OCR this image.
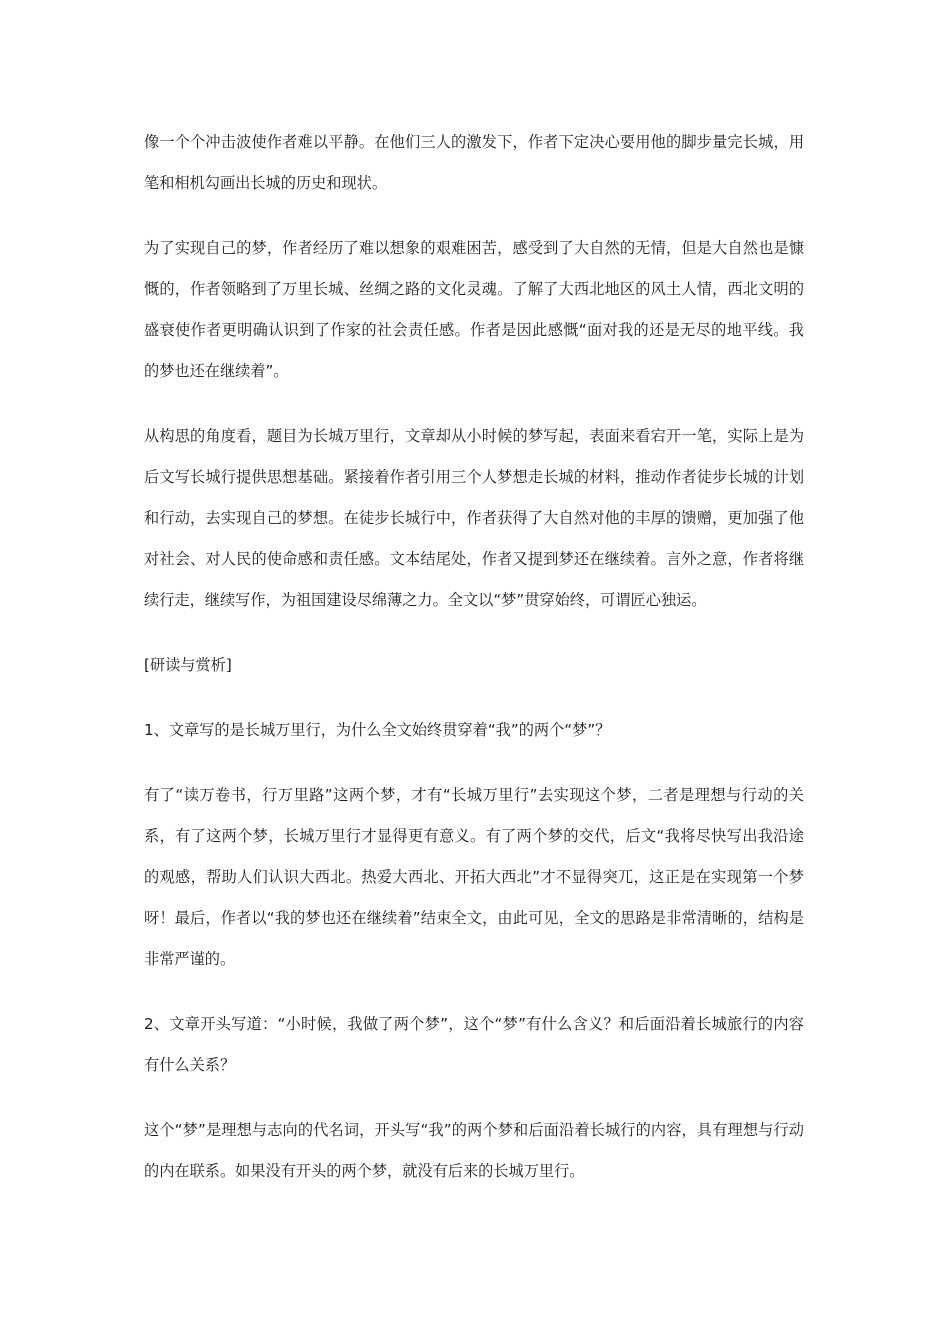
像一个个冲击波使作者难以平静。在他们三人的激发下，作者下定决心要用他的脚步量完长城，用笔和相机勾画出长城的历史和现状。

为了实现自己的梦，作者经历了难以想象的艰难困苦，感受到了大自然的无情，但是大自然也是慷慨的，作者领略到了万里长城、丝绸之路的文化灵魂。了解了大西北地区的风土人情，西北文明的盛衰使作者更明确认识到了作家的社会责任感。作者是因此感慨“面对我的还是无尽的地平线。我的梦也还在继续着”。

从构思的角度看，题目为长城万里行，文章却从小时候的梦写起，表面来看宕开一笔，实际上是为后文写长城行提供思想基础。紧接着作者引用三个人梦想走长城的材料，推动作者徒步长城的计划和行动，去实现自己的梦想。在徒步长城行中，作者获得了大自然对他的丰厚的馈赠，更加强了他对社会、对人民的使命感和责任感。文本结尾处，作者又提到梦还在继续着。言外之意，作者将继续行走，继续写作，为祖国建设尽绵薄之力。全文以“梦”贯穿始终，可谓匠心独运。

[研读与赏析]

1、文章写的是长城万里行，为什么全文始终贯穿着“我”的两个“梦”？

有了“读万卷书，行万里路”这两个梦，才有“长城万里行”去实现这个梦，二者是理想与行动的关系，有了这两个梦，长城万里行才显得更有意义。有了两个梦的交代，后文“我将尽快写出我沿途的观感，帮助人们认识大西北。热爱大西北、开拓大西北”才不显得突兀，这正是在实现第一个梦呀！最后，作者以“我的梦也还在继续着”结束全文，由此可见，全文的思路是非常清晰的，结构是非常严谨的。

2、文章开头写道：“小时候，我做了两个梦”，这个“梦”有什么含义？和后面沿着长城旅行的内容有什么关系？

这个“梦”是理想与志向的代名词，开头写“我”的两个梦和后面沿着长城行的内容，具有理想与行动的内在联系。如果没有开头的两个梦，就没有后来的长城万里行。
